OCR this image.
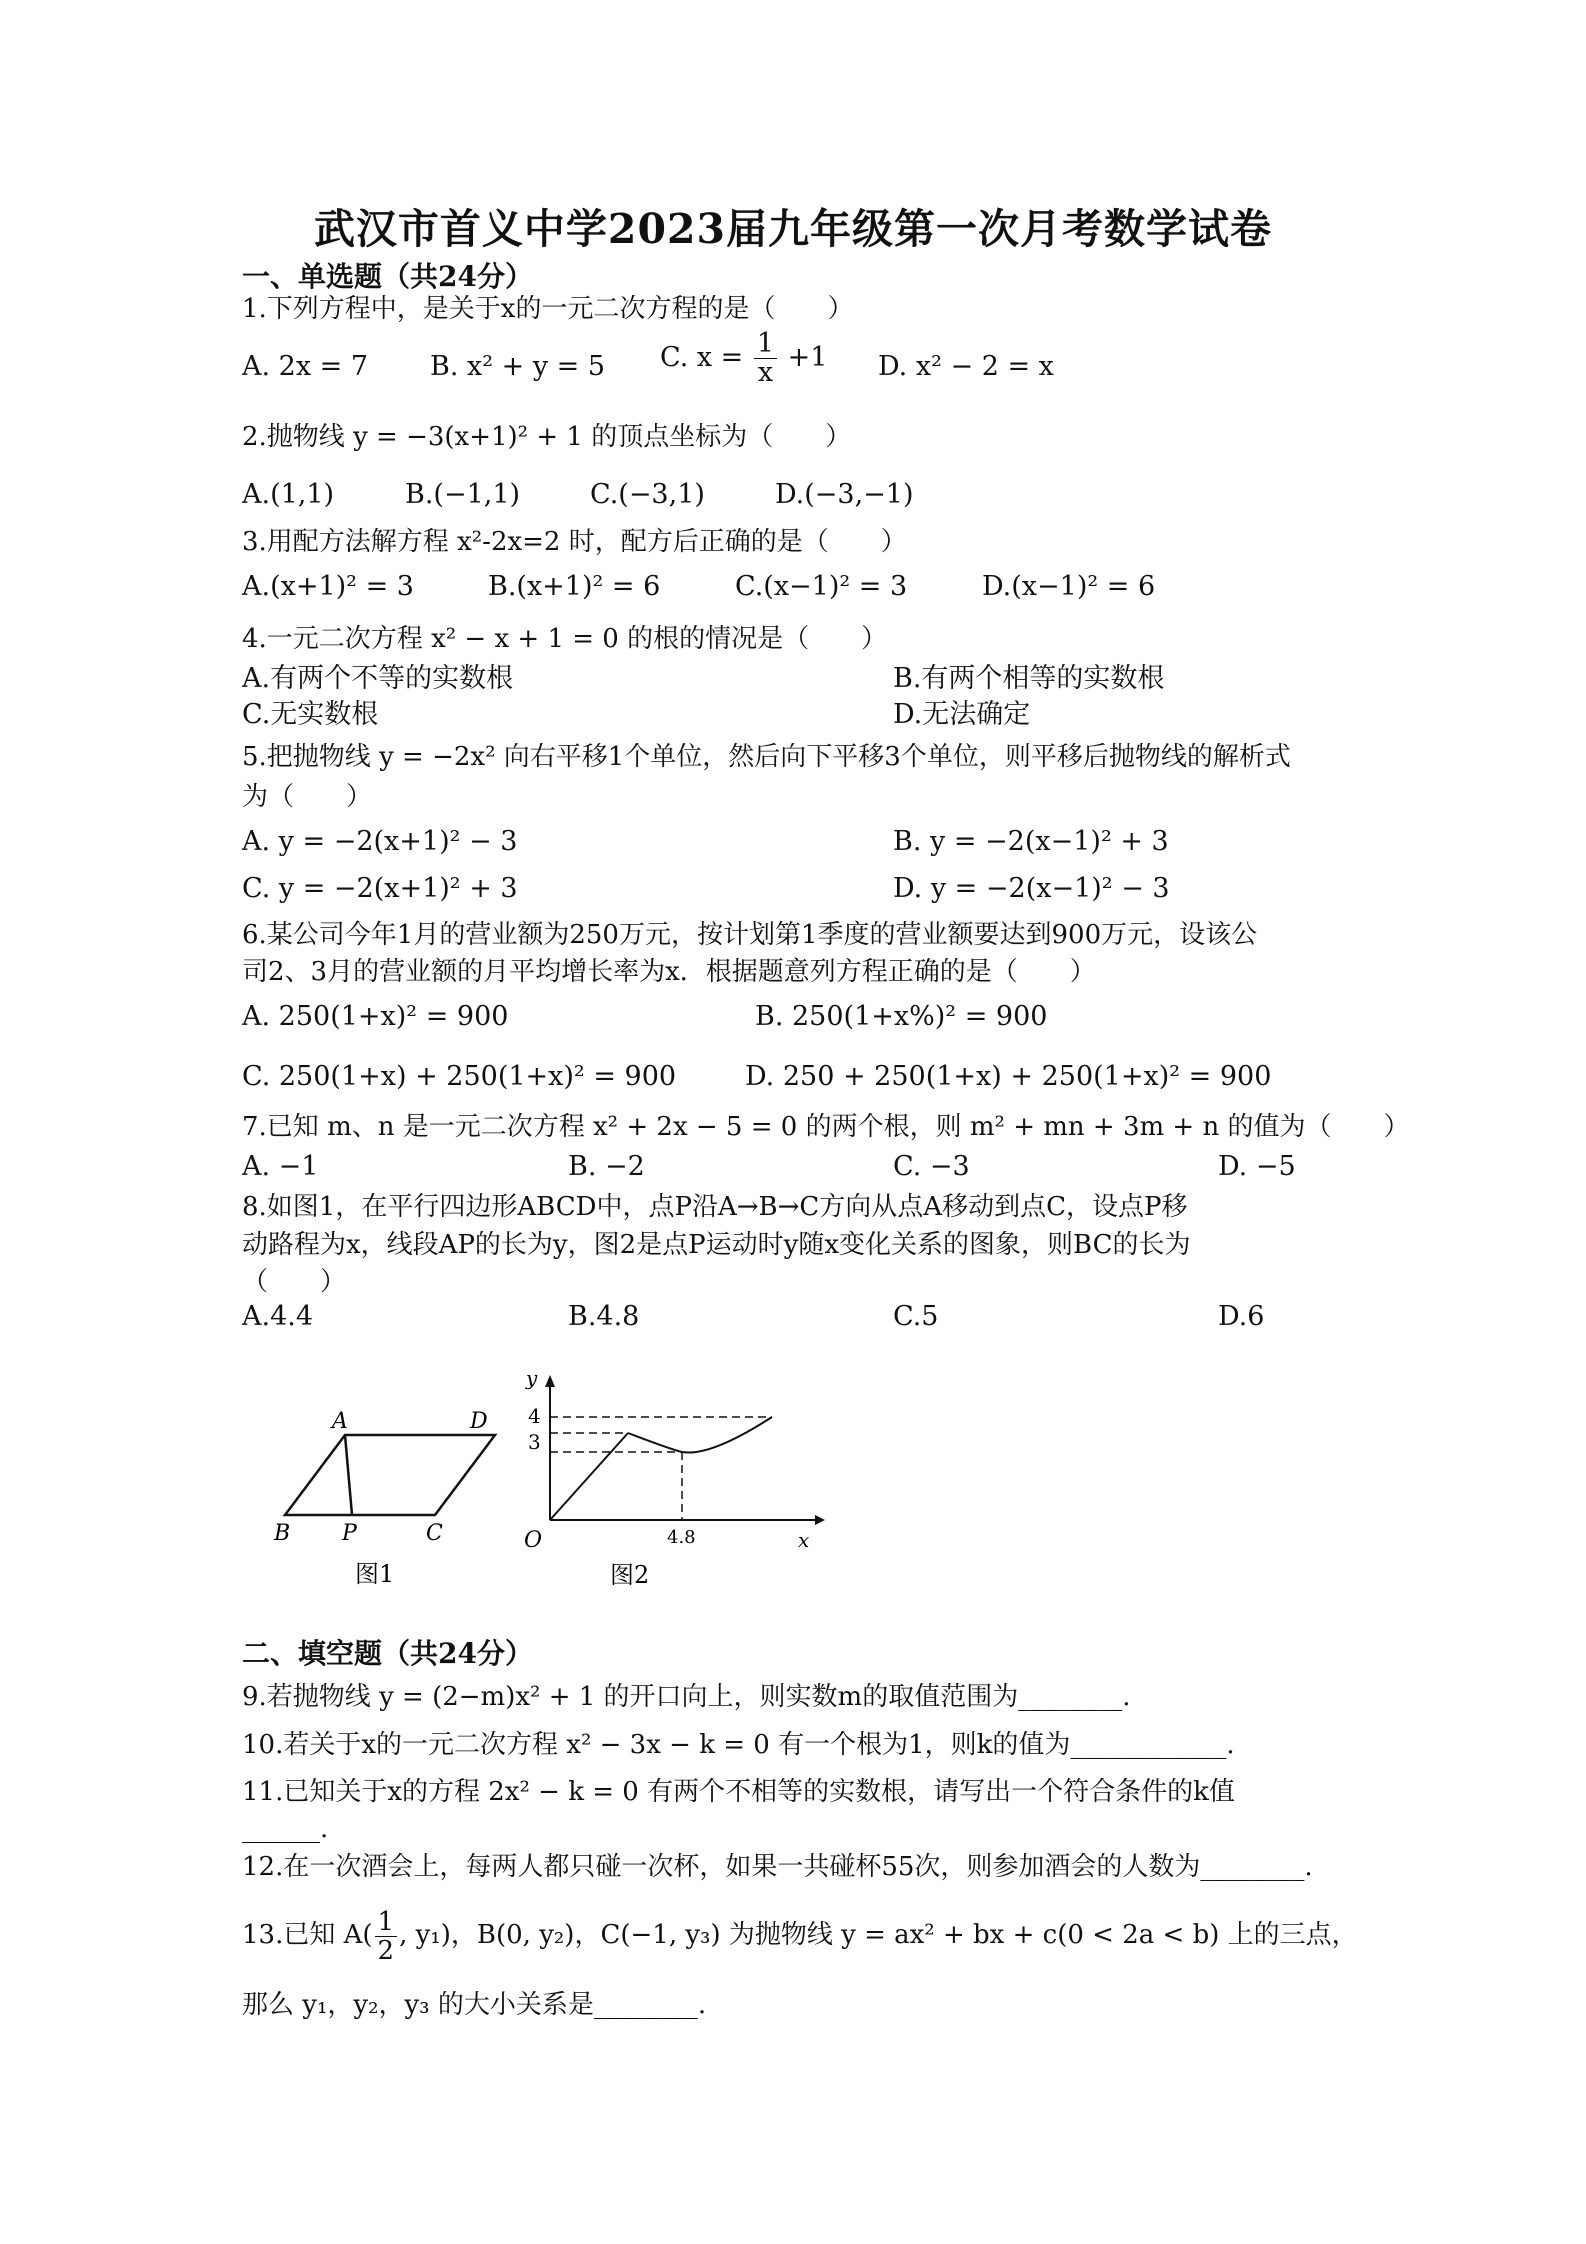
武汉市首义中学2023届九年级第一次月考数学试卷
一、单选题（共24分）
1.下列方程中，是关于x的一元二次方程的是（　　）
A. 2x = 7 B. x² + y = 5 C. $x = \frac{1}{x} +1$ D. x² − 2 = x
2.抛物线 y = −3(x+1)² + 1 的顶点坐标为（　　）
A.(1,1)	B.(−1,1)	C.(−3,1)	D.(−3,−1)
3.用配方法解方程 x²-2x=2 时，配方后正确的是（　　）
A.(x+1)² = 3	B.(x+1)² = 6	C.(x−1)² = 3	D.(x−1)² = 6
4.一元二次方程 x² − x + 1 = 0 的根的情况是（　　）
A.有两个不等的实数根	B.有两个相等的实数根
C.无实数根	D.无法确定
5.把抛物线 y = −2x² 向右平移1个单位，然后向下平移3个单位，则平移后抛物线的解析式
为（　　）
A. y = −2(x+1)² − 3	B. y = −2(x−1)² + 3
C. y = −2(x+1)² + 3	D. y = −2(x−1)² − 3
6.某公司今年1月的营业额为250万元，按计划第1季度的营业额要达到900万元，设该公
司2、3月的营业额的月平均增长率为x．根据题意列方程正确的是（　　）
A. 250(1+x)² = 900	B. 250(1+x%)² = 900
C. 250(1+x) + 250(1+x)² = 900	D. 250 + 250(1+x) + 250(1+x)² = 900
7.已知 m、n 是一元二次方程 x² + 2x − 5 = 0 的两个根，则 m² + mn + 3m + n 的值为（　　）
A. −1	B. −2	C. −3	D. −5
8.如图1，在平行四边形ABCD中，点P沿A→B→C方向从点A移动到点C，设点P移
动路程为x，线段AP的长为y，图2是点P运动时y随x变化关系的图象，则BC的长为
（　　）
A.4.4	B.4.8	C.5	D.6
A	D
B P	C
图1
y
x
O
4
3
4.8
图2
二、填空题（共24分）
9.若抛物线 y = (2−m)x² + 1 的开口向上，则实数m的取值范围为________.
10.若关于x的一元二次方程 x² − 3x − k = 0 有一个根为1，则k的值为____________.
11.已知关于x的方程 2x² − k = 0 有两个不相等的实数根，请写出一个符合条件的k值
______.
12.在一次酒会上，每两人都只碰一次杯，如果一共碰杯55次，则参加酒会的人数为________.
13.已知 $A( \frac{1}{2}$ , y₁)，B(0, y₂)，C(−1, y₃) 为抛物线 y = ax² + bx + c(0 < 2a < b) 上的三点，
那么 y₁，y₂，y₃ 的大小关系是________.
